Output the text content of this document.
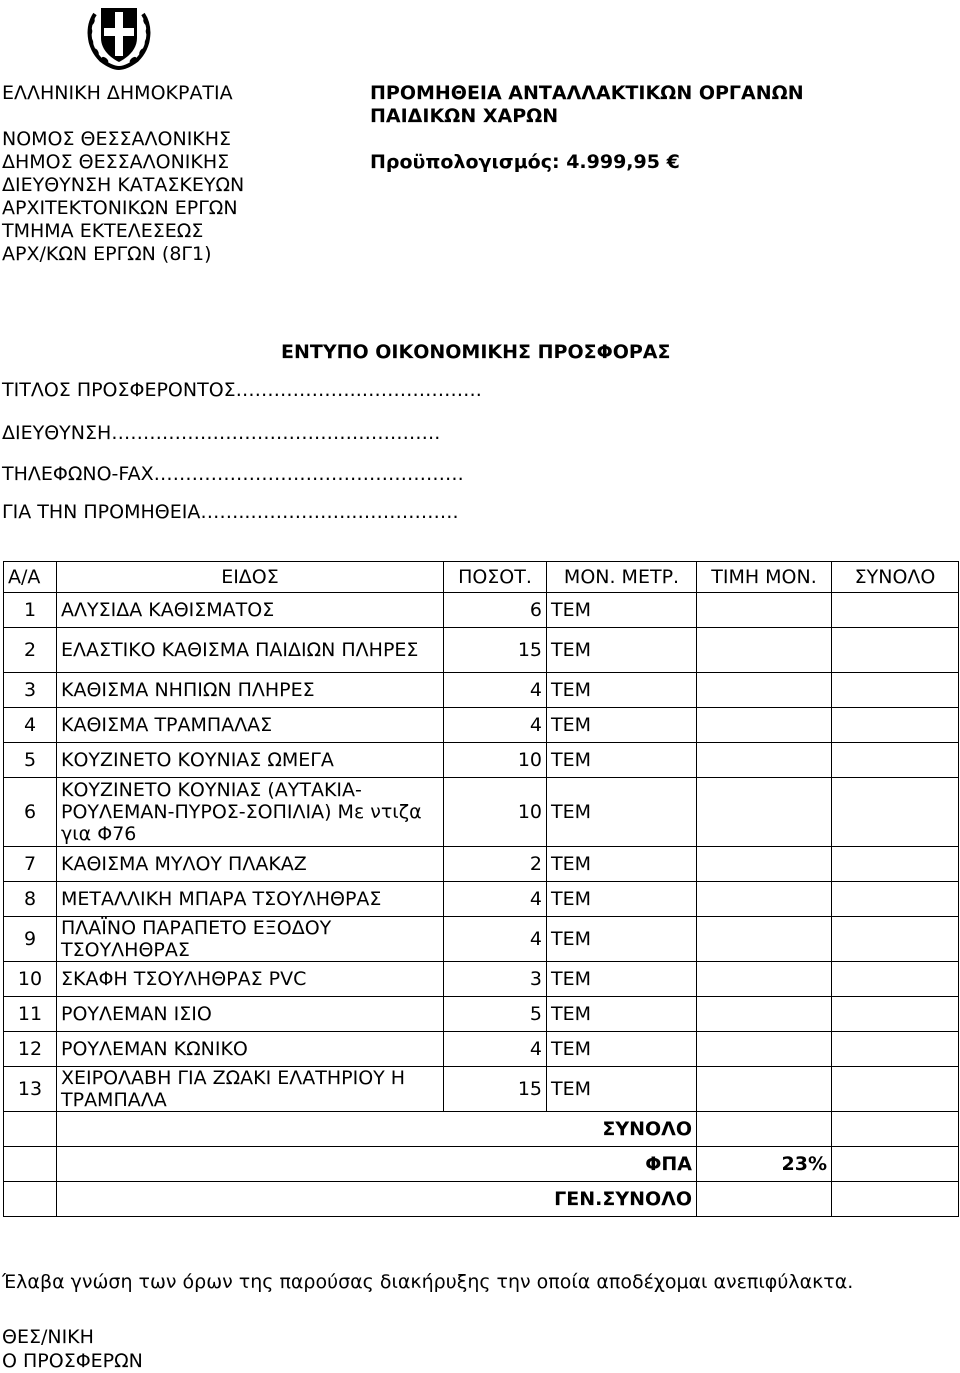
ΕΛΛΗΝΙΚΗ ΔΗΜΟΚΡΑΤΙΑ
ΝΟΜΟΣ ΘΕΣΣΑΛΟΝΙΚΗΣ
ΔΗΜΟΣ ΘΕΣΣΑΛΟΝΙΚΗΣ
ΔΙΕΥΘΥΝΣΗ ΚΑΤΑΣΚΕΥΩΝ
ΑΡΧΙΤΕΚΤΟΝΙΚΩΝ ΕΡΓΩΝ
ΤΜΗΜΑ ΕΚΤΕΛΕΣΕΩΣ
ΑΡΧ/ΚΩΝ ΕΡΓΩΝ (8Γ1)
ΠΡΟΜΗΘΕΙΑ ΑΝΤΑΛΛΑΚΤΙΚΩΝ ΟΡΓΑΝΩΝ
ΠΑΙΔΙΚΩΝ ΧΑΡΩΝ
Προϋπολογισμός: 4.999,95 €
ΕΝΤΥΠΟ ΟΙΚΟΝΟΜΙΚΗΣ ΠΡΟΣΦΟΡΑΣ
ΤΙΤΛΟΣ ΠΡΟΣΦΕΡΟΝΤΟΣ………………..……………….
ΔΙΕΥΘΥΝΣΗ…………………………………………….
ΤΗΛΕΦΩΝΟ-FAX………………………………………….
ΓΙΑ ΤΗΝ ΠΡΟΜΗΘΕΙΑ……..……………..…………….
Α/Α	ΕΙΔΟΣ	ΠΟΣΟΤ.	ΜΟΝ. ΜΕΤΡ.	ΤΙΜΗ ΜΟΝ.	ΣΥΝΟΛΟ
1	ΑΛΥΣΙΔΑ ΚΑΘΙΣΜΑΤΟΣ	6	ΤΕΜ		
2	ΕΛΑΣΤΙΚΟ ΚΑΘΙΣΜΑ ΠΑΙΔΙΩΝ ΠΛΗΡΕΣ	15	ΤΕΜ		
3	ΚΑΘΙΣΜΑ ΝΗΠΙΩΝ ΠΛΗΡΕΣ	4	ΤΕΜ		
4	ΚΑΘΙΣΜΑ ΤΡΑΜΠΑΛΑΣ	4	ΤΕΜ		
5	ΚΟΥΖΙΝΕΤΟ ΚΟΥΝΙΑΣ ΩΜΕΓΑ	10	ΤΕΜ		
6	ΚΟΥΖΙΝΕΤΟ ΚΟΥΝΙΑΣ (ΑΥΤΑΚΙΑ-ΡΟΥΛΕΜΑΝ-ΠΥΡΟΣ-ΣΟΠΙΛΙΑ) Με ντιζα για Φ76	10	ΤΕΜ		
7	ΚΑΘΙΣΜΑ ΜΥΛΟΥ ΠΛΑΚΑΖ	2	ΤΕΜ		
8	ΜΕΤΑΛΛΙΚΗ ΜΠΑΡΑ ΤΣΟΥΛΗΘΡΑΣ	4	ΤΕΜ		
9	ΠΛΑΪΝΟ ΠΑΡΑΠΕΤΟ ΕΞΟΔΟΥ ΤΣΟΥΛΗΘΡΑΣ	4	ΤΕΜ		
10	ΣΚΑΦΗ ΤΣΟΥΛΗΘΡΑΣ PVC	3	ΤΕΜ		
11	ΡΟΥΛΕΜΑΝ ΙΣΙΟ	5	ΤΕΜ		
12	ΡΟΥΛΕΜΑΝ ΚΩΝΙΚΟ	4	ΤΕΜ		
13	ΧΕΙΡΟΛΑΒΗ ΓΙΑ ΖΩΑΚΙ ΕΛΑΤΗΡΙΟΥ Η ΤΡΑΜΠΑΛΑ	15	ΤΕΜ		
	ΣΥΝΟΛΟ				
	ΦΠΑ			23%	
	ΓΕΝ.ΣΥΝΟΛΟ				
Έλαβα γνώση των όρων της παρούσας διακήρυξης την οποία αποδέχομαι ανεπιφύλακτα.
ΘΕΣ/ΝΙΚΗ
Ο ΠΡΟΣΦΕΡΩΝ
